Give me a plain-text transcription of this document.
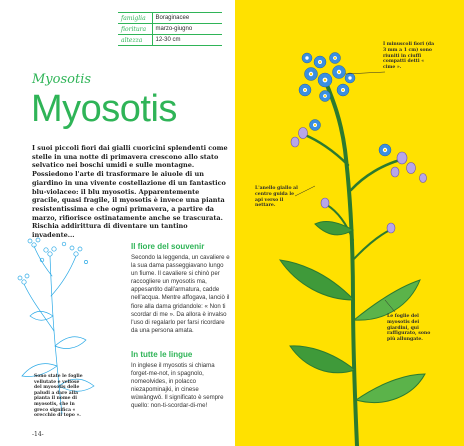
famiglia	Boraginacee
fioritura	marzo-giugno
altezza	12-30 cm
Myosotis
Myosotis

I suoi piccoli fiori dai gialli cuoricini splendenti come stelle in una notte di primavera crescono allo stato selvatico nei boschi umidi e sulle montagne. Possiedono l'arte di trasformare le aiuole di un giardino in una vivente costellazione di un fantastico blu-violaceo: il blu myosotis. Apparentemente gracile, quasi fragile, il myosotis è invece una pianta resistentissima e che ogni primavera, a partire da marzo, rifiorisce ostinatamente anche se trascurata. Rischia addirittura di diventare un tantino invadente...

Sono state le foglie vellutate e vellose del myosotis delle paludi a dare alla pianta il nome di myosotis, che in greco significa « orecchio di topo ».

Il fiore del souvenir

Secondo la leggenda, un cavaliere e la sua dama passeggiavano lungo un fiume. Il cavaliere si chinò per raccogliere un myosotis ma, appesantito dall'armatura, cadde nell'acqua. Mentre affogava, lanciò il fiore alla dama gridandole: « Non ti scordar di me ». Da allora è invalso l'uso di regalarlo per farsi ricordare da una persona amata.

In tutte le lingue

In inglese il myosotis si chiama forget-me-not, in spagnolo, nomeolvides, in polacco niezapominajki, in cinese wùwàngwǒ. Il significato è sempre quello: non-ti-scordar-di-me!

-14-

I minuscoli fiori (da 3 mm a 1 cm) sono riuniti in ciuffi compatti detti « cime ».

L'anello giallo al centro guida le api verso il nettare.

Le foglie del myosotis dei giardini, qui raffigurato, sono più allungate.
